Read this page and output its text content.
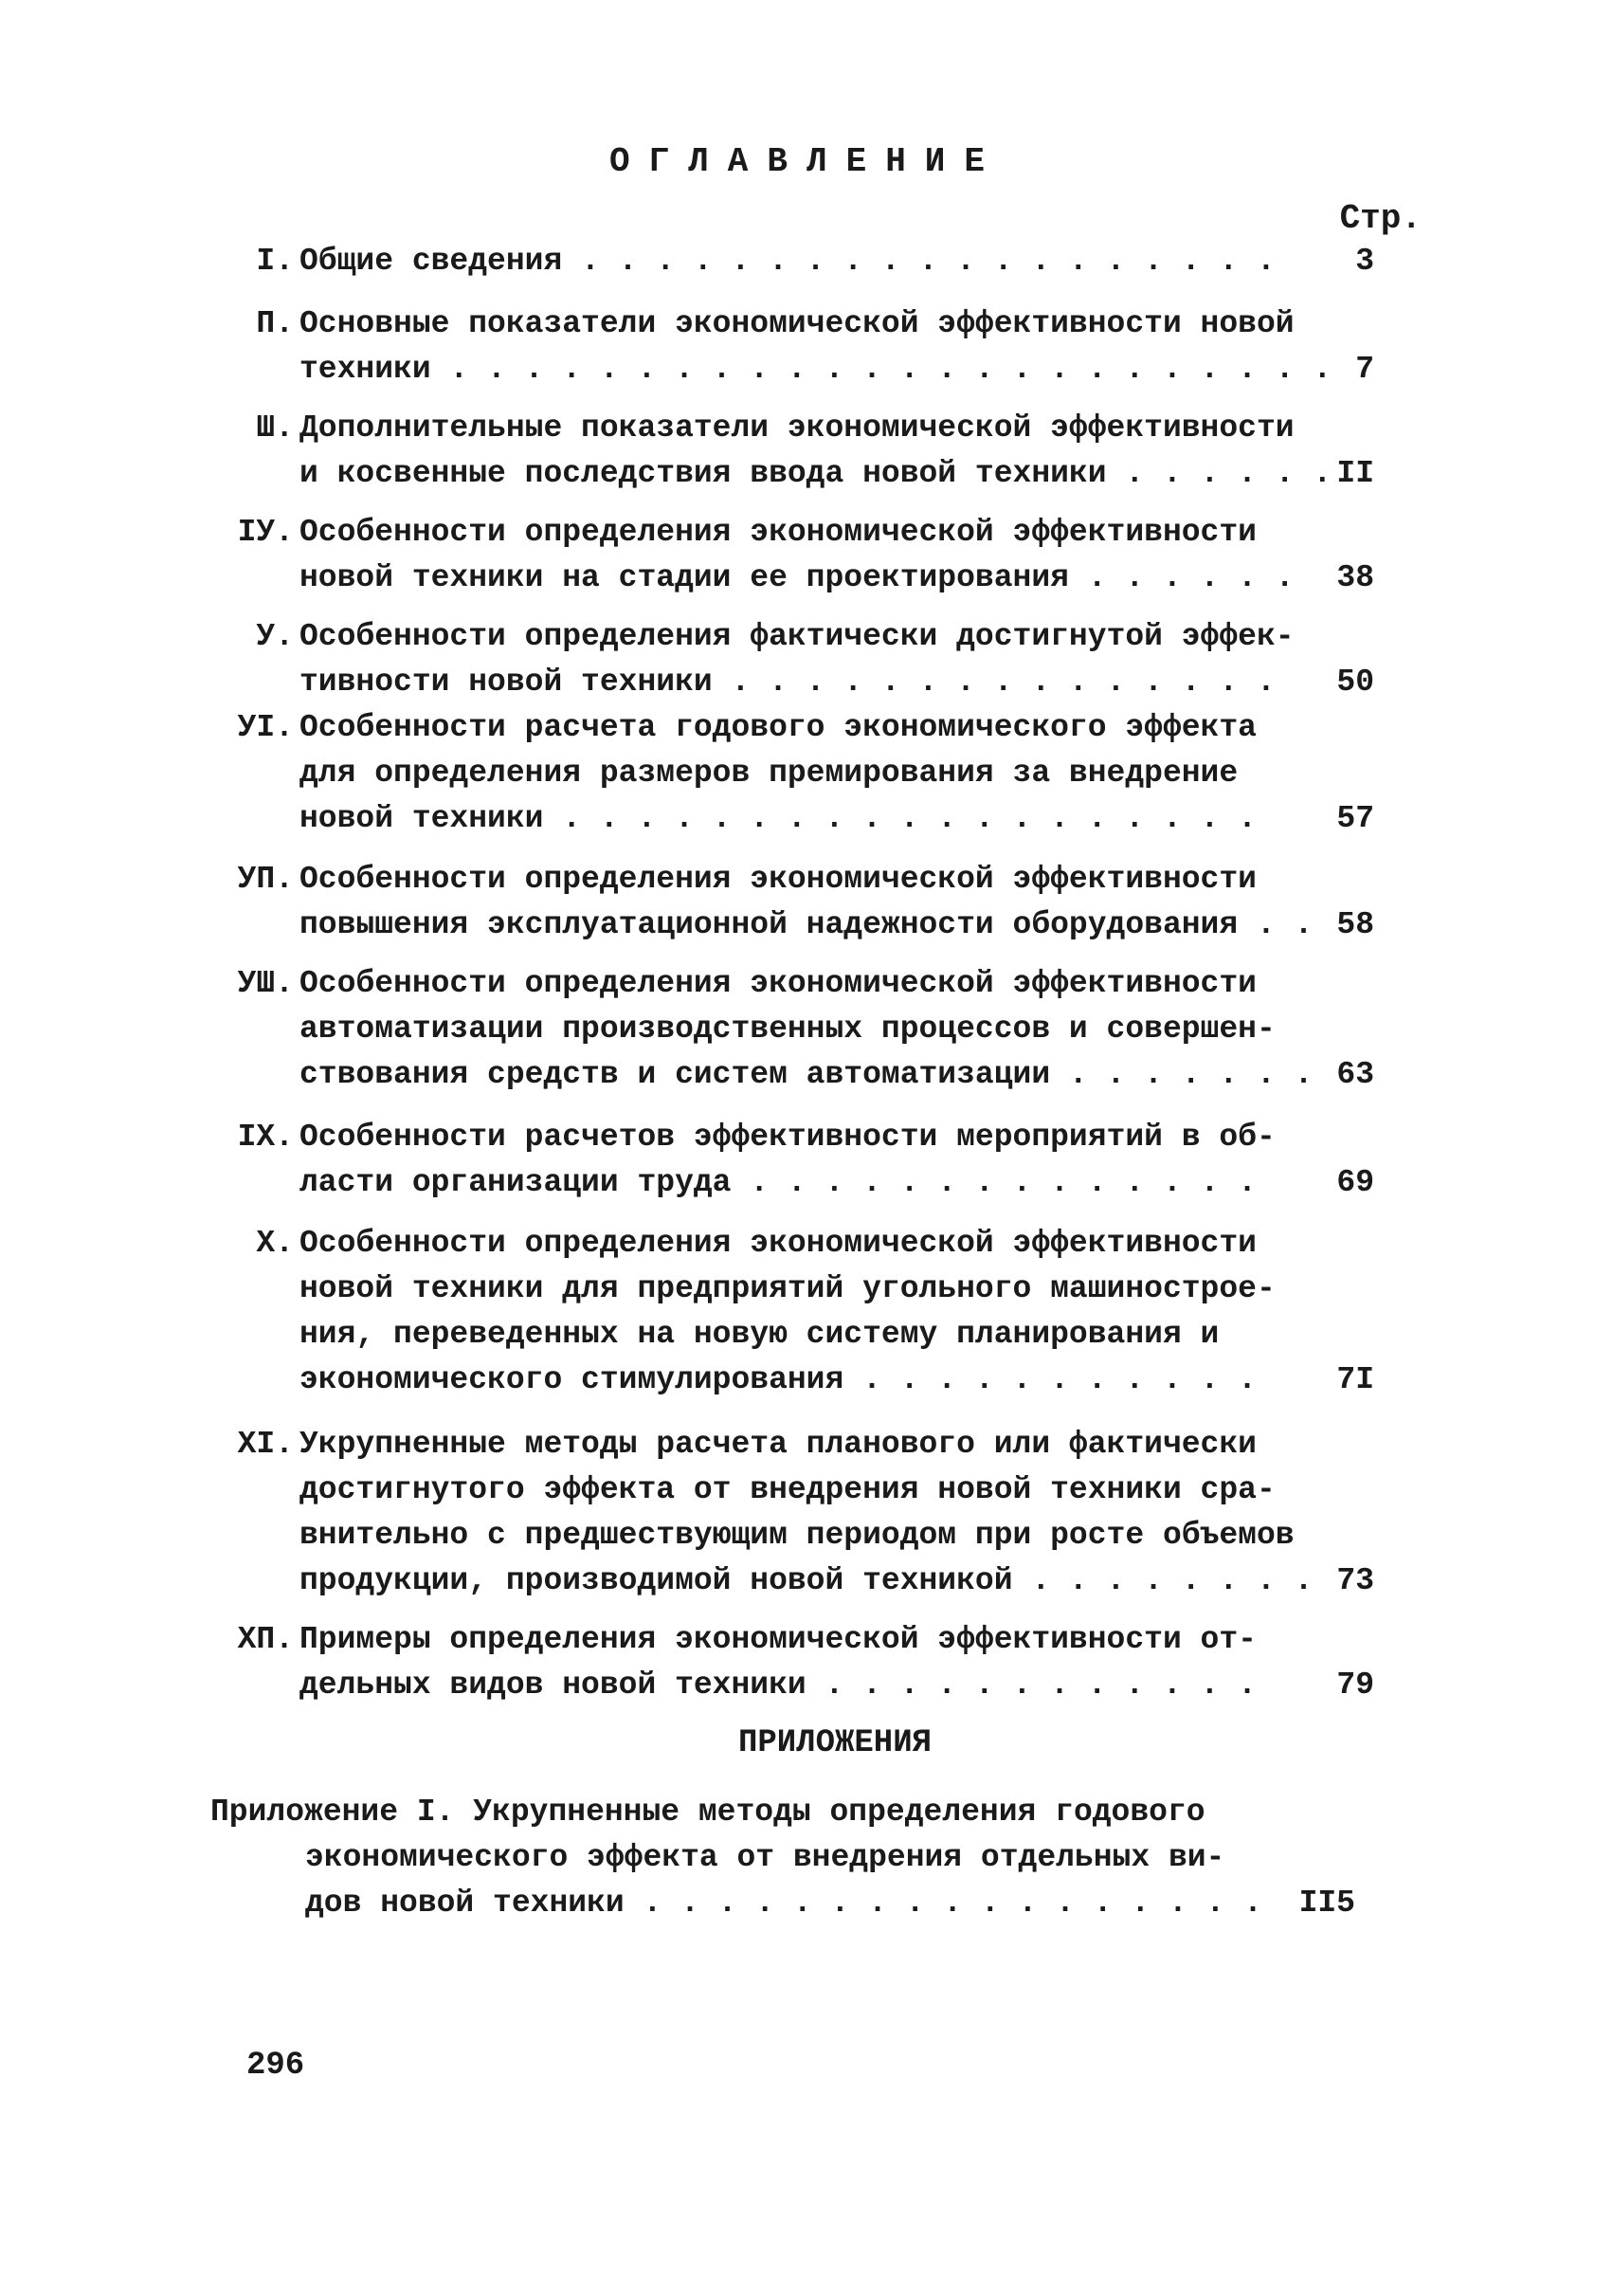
ОГЛАВЛЕНИЕ
Стр.
I. Общие сведения . . . . . . . . . . . . . . . . . . .	3
П. Основные показатели экономической эффективности новой
техники . . . . . . . . . . . . . . . . . . . . . . . . 7
Ш. Дополнительные показатели экономической эффективности
и косвенные последствия ввода новой техники . . . . . . II
IУ. Особенности определения экономической эффективности
новой техники на стадии ее проектирования . . . . . .	38
У. Особенности определения фактически достигнутой эффек-
тивности новой техники . . . . . . . . . . . . . . .	50
УI. Особенности расчета годового экономического эффекта
для определения размеров премирования за внедрение
новой техники . . . . . . . . . . . . . . . . . . .	57
УП. Особенности определения экономической эффективности
повышения эксплуатационной надежности оборудования . . 58
УШ. Особенности определения экономической эффективности
автоматизации производственных процессов и совершен-
ствования средств и систем автоматизации . . . . . . . 63
IX. Особенности расчетов эффективности мероприятий в об-
ласти организации труда . . . . . . . . . . . . . .	69
X. Особенности определения экономической эффективности
новой техники для предприятий угольного машинострое-
ния, переведенных на новую систему планирования и
экономического стимулирования . . . . . . . . . . .	7I
XI. Укрупненные методы расчета планового или фактически
достигнутого эффекта от внедрения новой техники сра-
внительно с предшествующим периодом при росте объемов
продукции, производимой новой техникой . . . . . . . . 73
XП. Примеры определения экономической эффективности от-
дельных видов новой техники . . . . . . . . . . . .	79
ПРИЛОЖЕНИЯ
Приложение I. Укрупненные методы определения годового
экономического эффекта от внедрения отдельных ви-
дов новой техники . . . . . . . . . . . . . . . . .	II5
296
